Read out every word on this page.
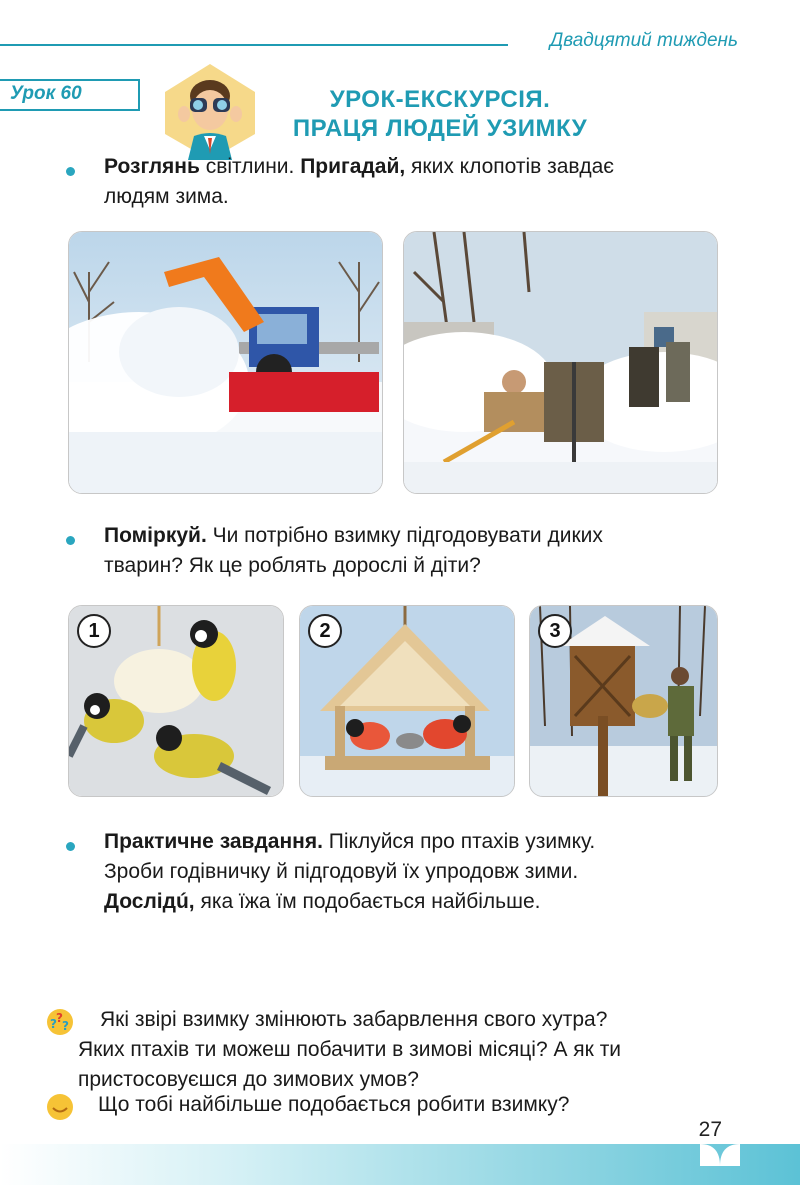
Двадцятий тиждень
Урок 60	УРОК-ЕКСКУРСІЯ.
ПРАЦЯ ЛЮДЕЙ УЗИМКУ
Розглянь світлини. Пригадай, яких клопотів завдає
людям зима.
Поміркуй. Чи потрібно взимку підгодовувати диких
тварин? Як це роблять дорослі й діти?
1	2	3
Практичне завдання. Піклуйся про птахів узимку.
Зроби годівничку й підгодовуй їх упродовж зими.
Дослідú, яка їжа їм подобається найбільше.
? ?
?	Які звірі взимку змінюють забарвлення свого хутра?
Яких птахів ти можеш побачити в зимові місяці? А як ти
пристосовуєшся до зимових умов?
Що тобі найбільше подобається робити взимку?
27
